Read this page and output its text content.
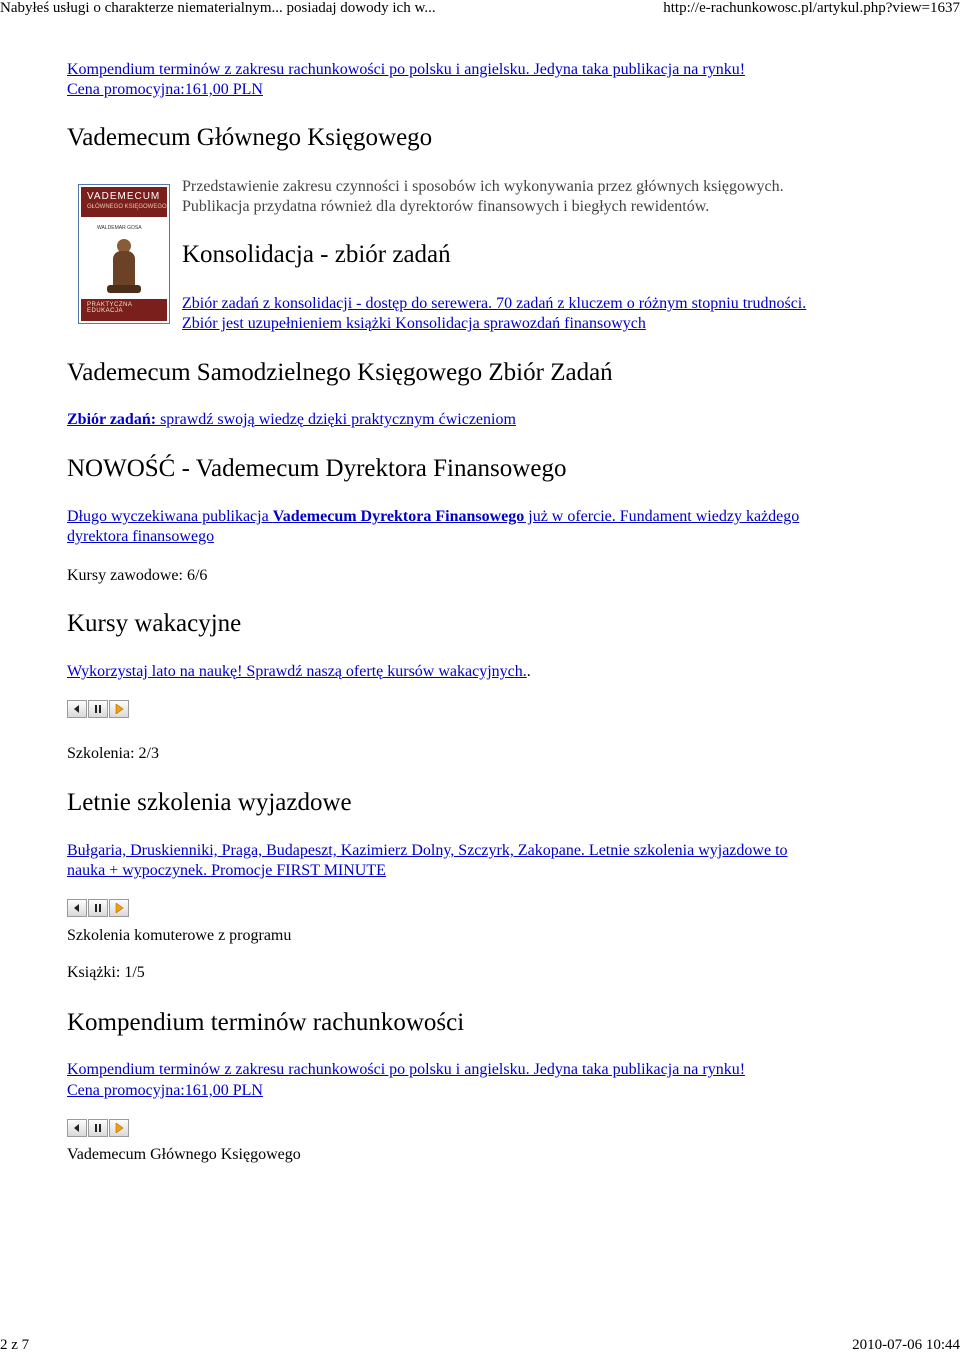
Nabyłeś usługi o charakterze niematerialnym... posiadaj dowody ich w...	http://e-rachunkowosc.pl/artykul.php?view=1637
Kompendium terminów z zakresu rachunkowości po polsku i angielsku. Jedyna taka publikacja na rynku!
Cena promocyjna:161,00 PLN
Vademecum Głównego Księgowego
VADEMECUM
GŁÓWNEGO KSIĘGOWEGO
WALDEMAR GOSA
PRAKTYCZNA EDUKACJA
Przedstawienie zakresu czynności i sposobów ich wykonywania przez głównych księgowych.
Publikacja przydatna również dla dyrektorów finansowych i biegłych rewidentów.
Konsolidacja - zbiór zadań
Zbiór zadań z konsolidacji - dostęp do serewera. 70 zadań z kluczem o różnym stopniu trudności.
Zbiór jest uzupełnieniem książki Konsolidacja sprawozdań finansowych
Vademecum Samodzielnego Księgowego Zbiór Zadań
Zbiór zadań: sprawdź swoją wiedzę dzięki praktycznym ćwiczeniom
NOWOŚĆ - Vademecum Dyrektora Finansowego
Długo wyczekiwana publikacja Vademecum Dyrektora Finansowego już w ofercie. Fundament wiedzy każdego
dyrektora finansowego
Kursy zawodowe: 6/6
Kursy wakacyjne
Wykorzystaj lato na naukę! Sprawdź naszą ofertę kursów wakacyjnych..
Szkolenia: 2/3
Letnie szkolenia wyjazdowe
Bułgaria, Druskienniki, Praga, Budapeszt, Kazimierz Dolny, Szczyrk, Zakopane. Letnie szkolenia wyjazdowe to
nauka + wypoczynek. Promocje FIRST MINUTE
Szkolenia komuterowe z programu
Książki: 1/5
Kompendium terminów rachunkowości
Kompendium terminów z zakresu rachunkowości po polsku i angielsku. Jedyna taka publikacja na rynku!
Cena promocyjna:161,00 PLN
Vademecum Głównego Księgowego
2 z 7	2010-07-06 10:44
